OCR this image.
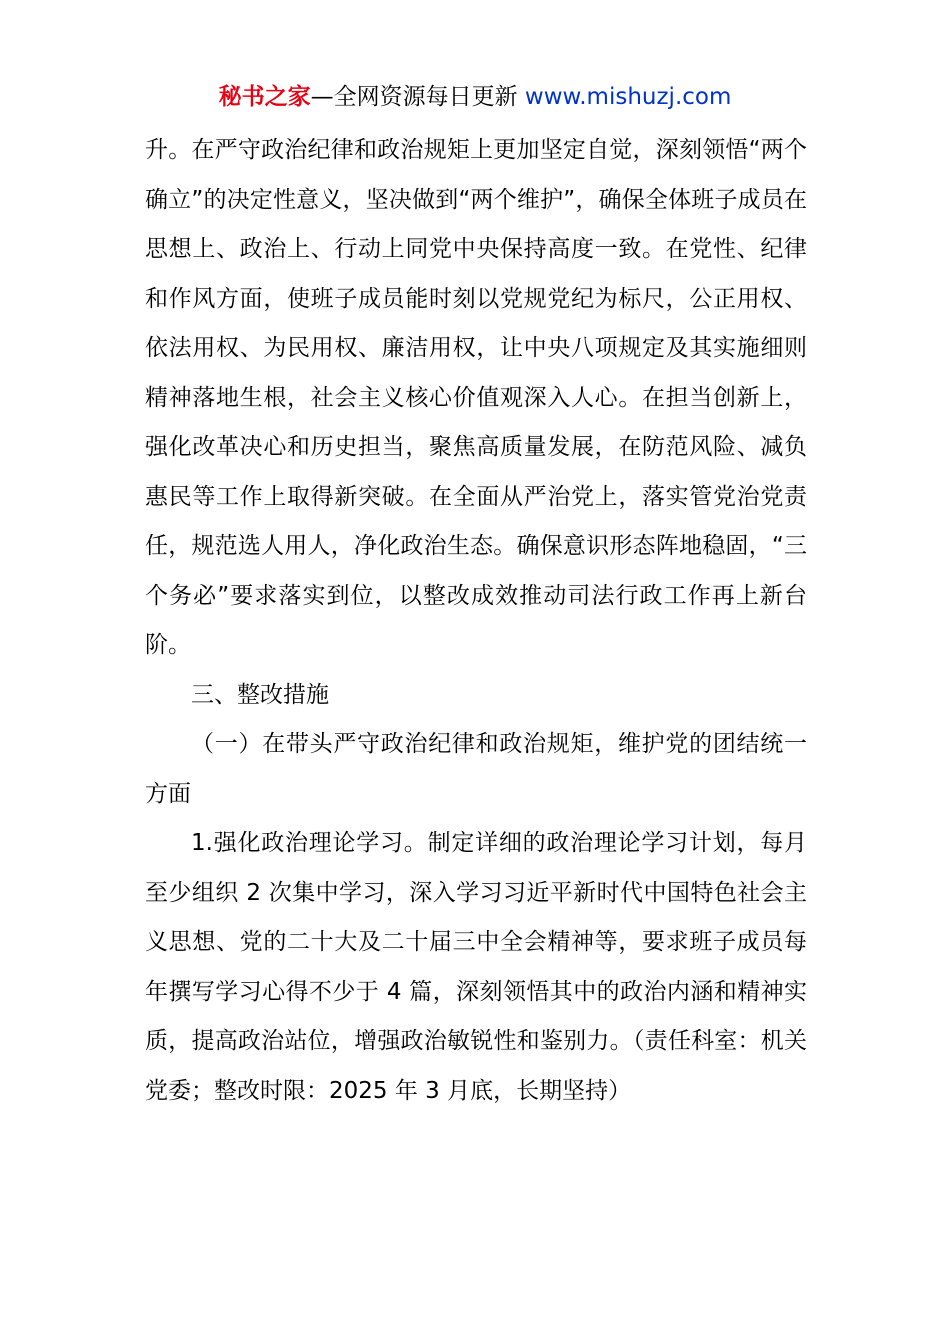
秘书之家—全网资源每日更新 www.mishuzj.com

升。在严守政治纪律和政治规矩上更加坚定自觉，深刻领悟“两个确立”的决定性意义，坚决做到“两个维护”，确保全体班子成员在思想上、政治上、行动上同党中央保持高度一致。在党性、纪律和作风方面，使班子成员能时刻以党规党纪为标尺，公正用权、依法用权、为民用权、廉洁用权，让中央八项规定及其实施细则精神落地生根，社会主义核心价值观深入人心。在担当创新上，强化改革决心和历史担当，聚焦高质量发展，在防范风险、减负惠民等工作上取得新突破。在全面从严治党上，落实管党治党责任，规范选人用人，净化政治生态。确保意识形态阵地稳固，“三个务必”要求落实到位，以整改成效推动司法行政工作再上新台阶。

三、整改措施

（一）在带头严守政治纪律和政治规矩，维护党的团结统一方面

1.强化政治理论学习。制定详细的政治理论学习计划，每月至少组织 2 次集中学习，深入学习习近平新时代中国特色社会主义思想、党的二十大及二十届三中全会精神等，要求班子成员每年撰写学习心得不少于 4 篇，深刻领悟其中的政治内涵和精神实质，提高政治站位，增强政治敏锐性和鉴别力。（责任科室：机关党委；整改时限：2025 年 3 月底，长期坚持）
